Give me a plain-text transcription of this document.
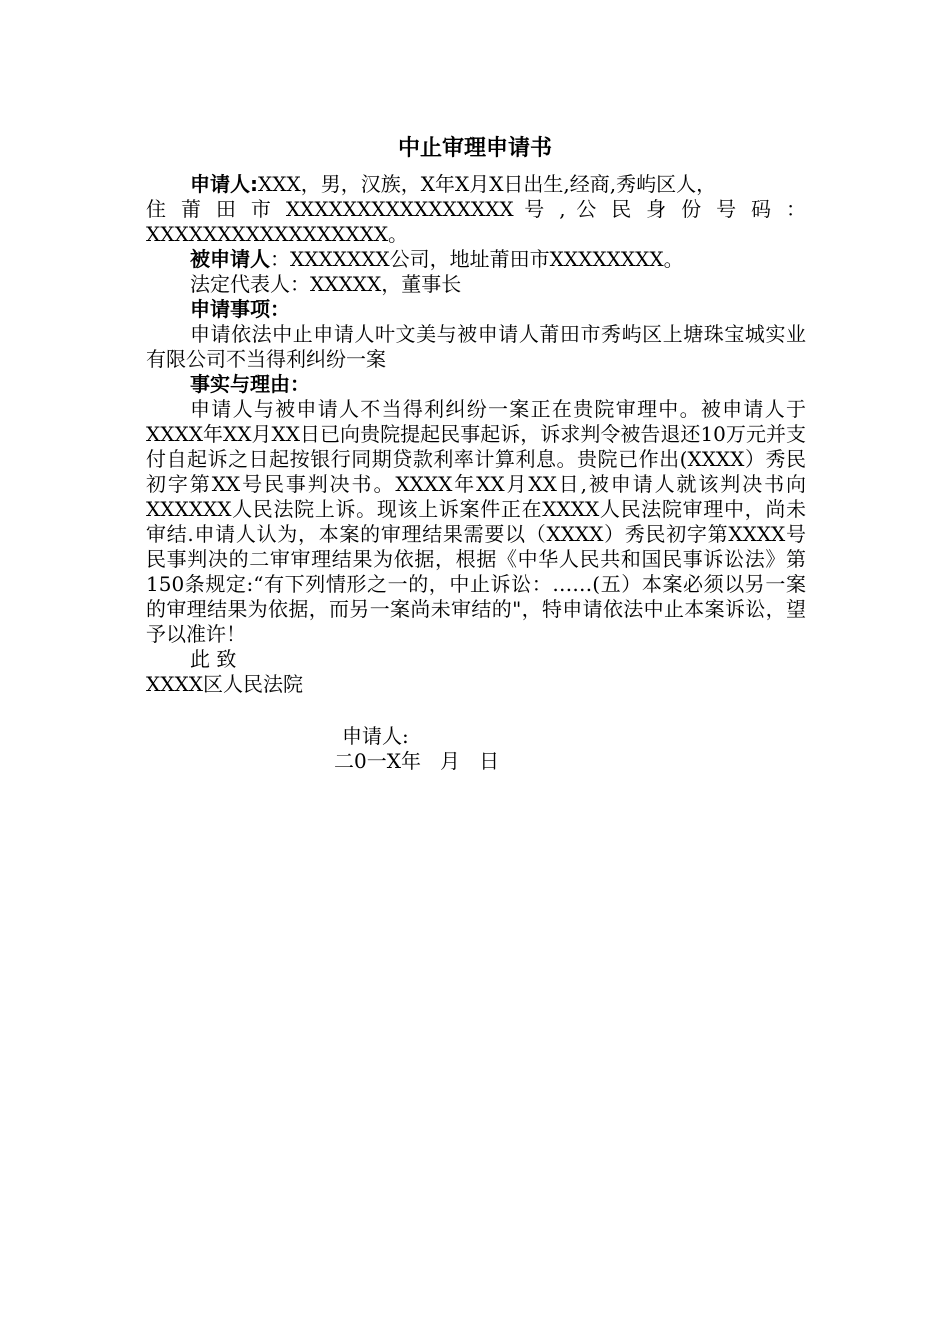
中止审理申请书

申请人:XXX，男，汉族，X年X月X日出生,经商,秀屿区人，

住 莆 田 市 XXXXXXXXXXXXXXXX 号 , 公 民 身 份 号 码 ：

XXXXXXXXXXXXXXXXX。

被申请人：XXXXXXX公司，地址莆田市XXXXXXXX。

法定代表人：XXXXX，董事长

申请事项：

申请依法中止申请人叶文美与被申请人莆田市秀屿区上塘珠宝城实业有限公司不当得利纠纷一案

事实与理由：

申请人与被申请人不当得利纠纷一案正在贵院审理中。被申请人于XXXX年XX月XX日已向贵院提起民事起诉，诉求判令被告退还10万元并支付自起诉之日起按银行同期贷款利率计算利息。贵院已作出(XXXX）秀民初字第XX号民事判决书。XXXX年XX月XX日,被申请人就该判决书向XXXXXX人民法院上诉。现该上诉案件正在XXXX人民法院审理中，尚未审结.申请人认为，本案的审理结果需要以（XXXX）秀民初字第XXXX号民事判决的二审审理结果为依据，根据《中华人民共和国民事诉讼法》第150条规定:“有下列情形之一的，中止诉讼：……(五）本案必须以另一案的审理结果为依据，而另一案尚未审结的"，特申请依法中止本案诉讼，望予以准许！

此 致

XXXX区人民法院

申请人:
二0一X年   月   日
